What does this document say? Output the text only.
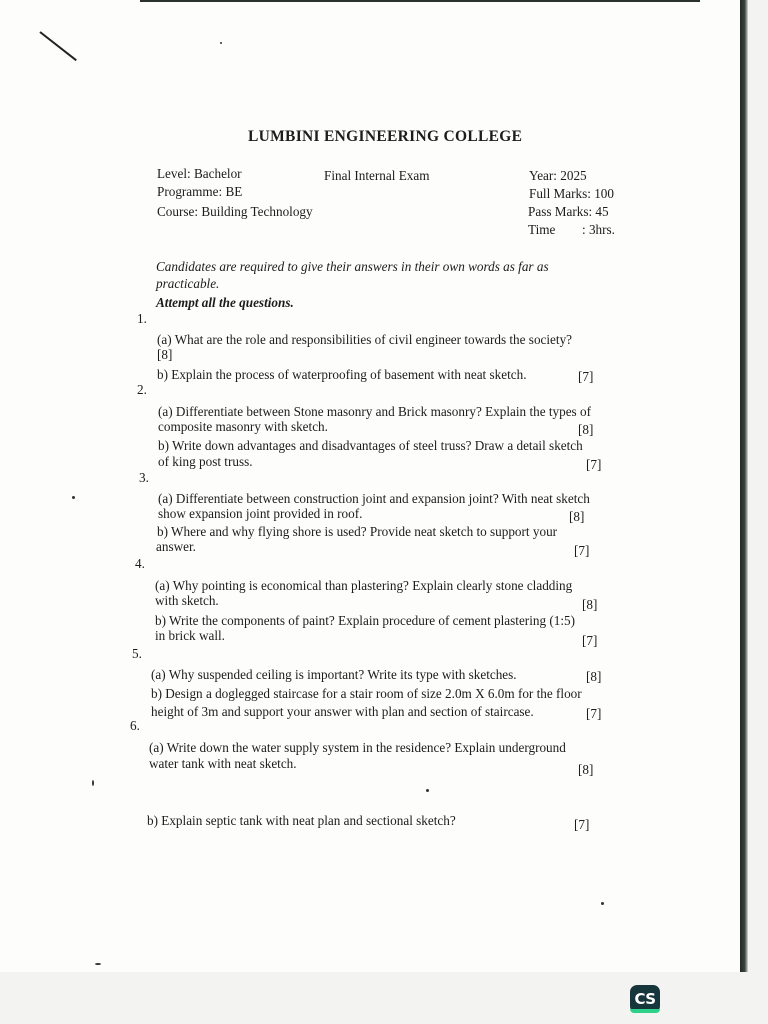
LUMBINI ENGINEERING COLLEGE
Level: Bachelor
Programme: BE
Course: Building Technology
Final Internal Exam	Year: 2025
Full Marks: 100
Pass Marks: 45
Time : 3hrs.
Candidates are required to give their answers in their own words as far as
practicable.
Attempt all the questions.
1.
(a) What are the role and responsibilities of civil engineer towards the society?
[8]
b) Explain the process of waterproofing of basement with neat sketch.	[7]
2.
(a) Differentiate between Stone masonry and Brick masonry? Explain the types of
composite masonry with sketch.	[8]
b) Write down advantages and disadvantages of steel truss? Draw a detail sketch
of king post truss.	[7]
3.
(a) Differentiate between construction joint and expansion joint? With neat sketch
show expansion joint provided in roof.	[8]
b) Where and why flying shore is used? Provide neat sketch to support your
answer.	[7]
4.
(a) Why pointing is economical than plastering? Explain clearly stone cladding
with sketch.	[8]
b) Write the components of paint? Explain procedure of cement plastering (1:5)
in brick wall.	[7]
5.
(a) Why suspended ceiling is important? Write its type with sketches.	[8]
b) Design a doglegged staircase for a stair room of size 2.0m X 6.0m for the floor
height of 3m and support your answer with plan and section of staircase.	[7]
6.
(a) Write down the water supply system in the residence? Explain underground
water tank with neat sketch.	[8]
b) Explain septic tank with neat plan and sectional sketch?	[7]
CS
